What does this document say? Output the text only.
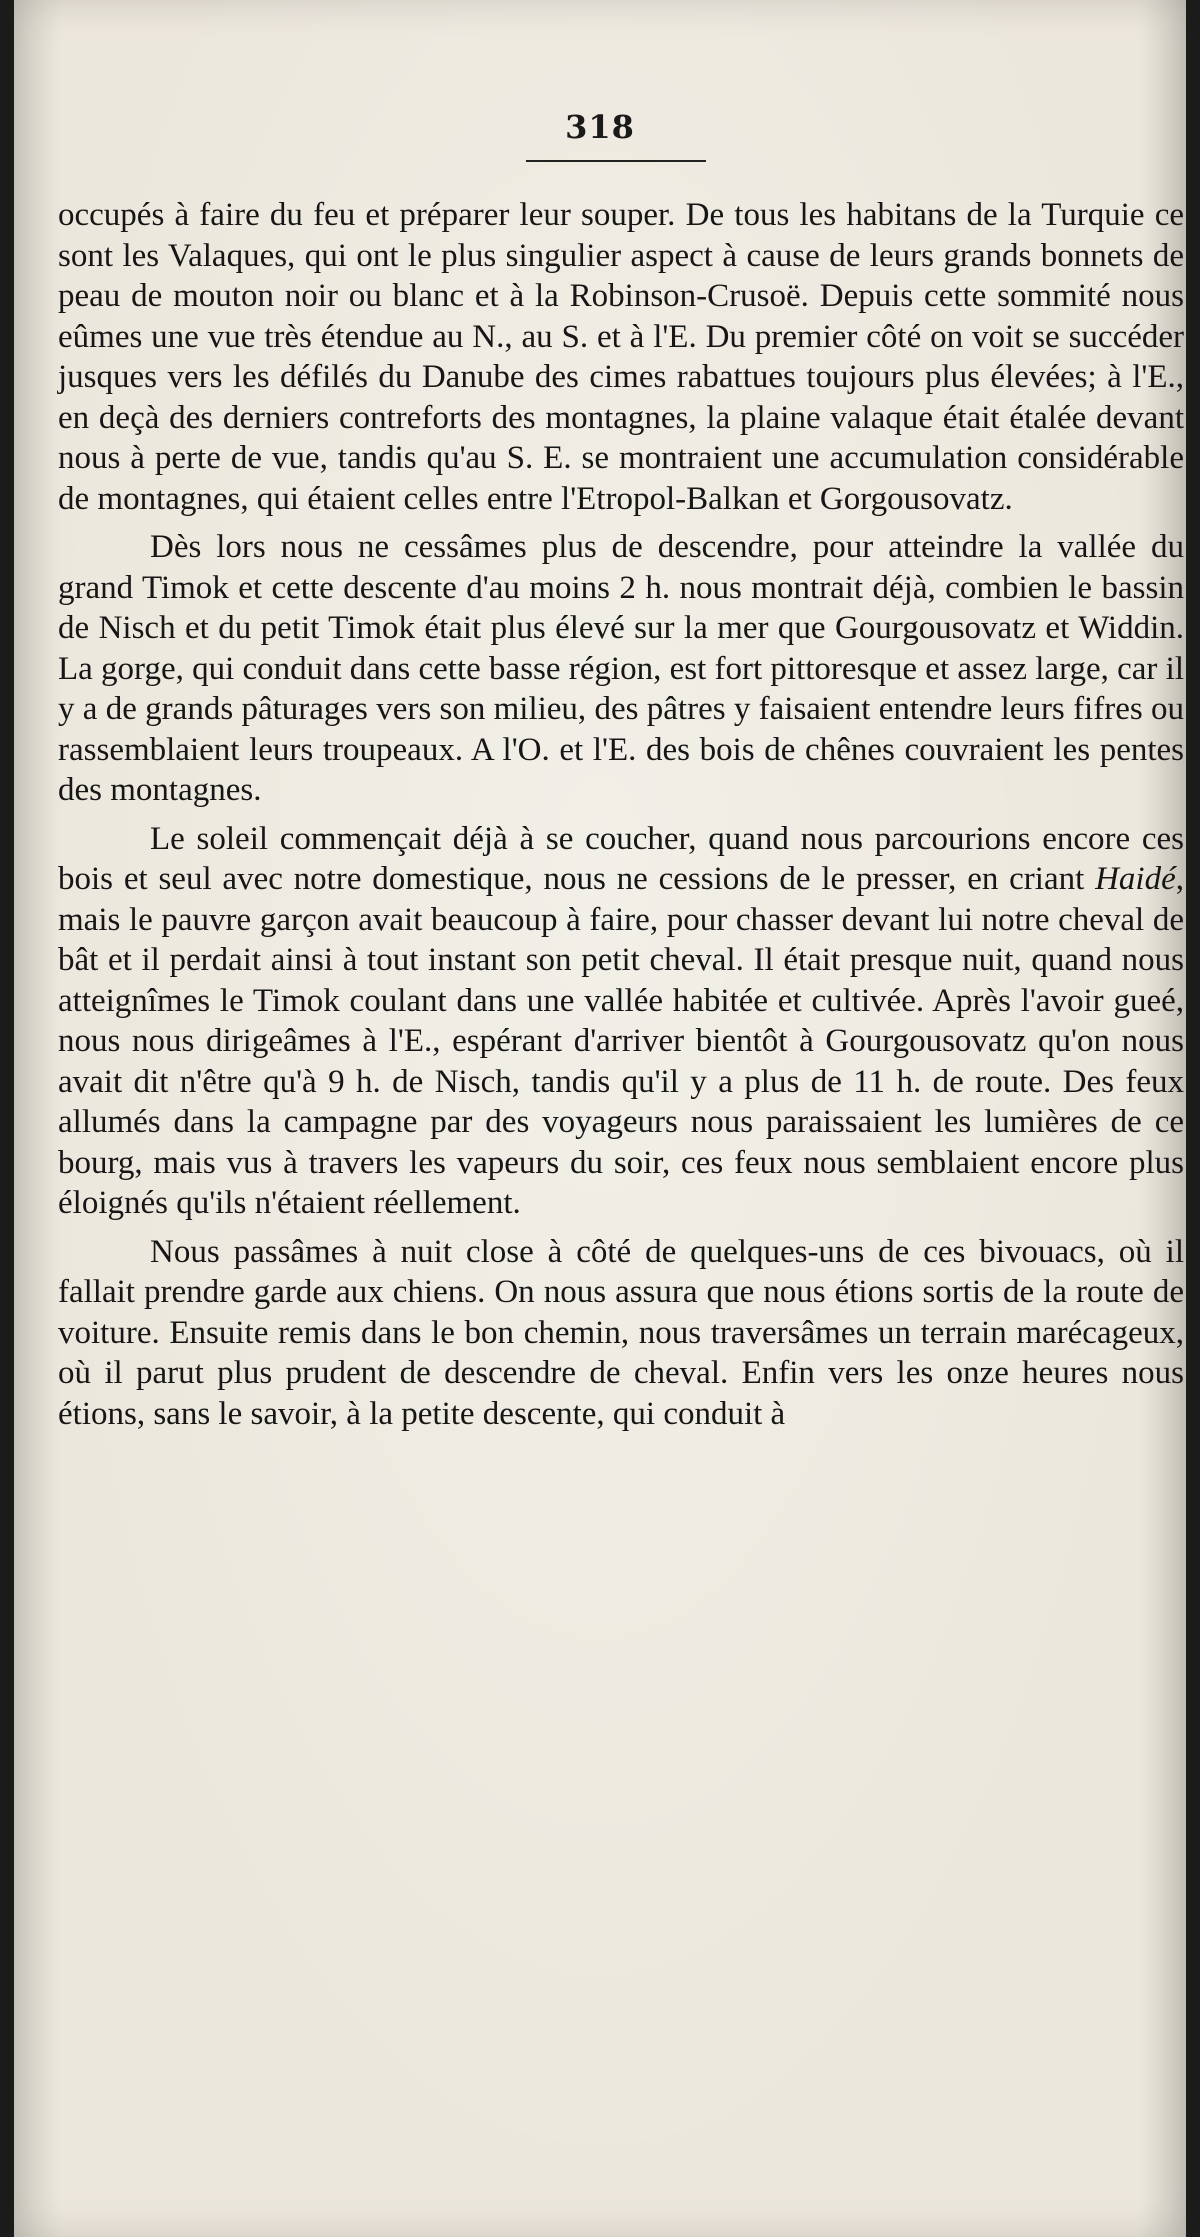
318

occupés à faire du feu et préparer leur souper. De tous les habitans de la Turquie ce sont les Valaques, qui ont le plus singulier aspect à cause de leurs grands bonnets de peau de mouton noir ou blanc et à la Robinson-Crusoë. Depuis cette sommité nous eûmes une vue très étendue au N., au S. et à l'E. Du premier côté on voit se succéder jusques vers les défilés du Danube des cimes rabattues toujours plus élevées; à l'E., en deçà des derniers contreforts des montagnes, la plaine valaque était étalée devant nous à perte de vue, tandis qu'au S. E. se montraient une accumulation considérable de montagnes, qui étaient celles entre l'Etropol-Balkan et Gorgousovatz.

Dès lors nous ne cessâmes plus de descendre, pour atteindre la vallée du grand Timok et cette descente d'au moins 2 h. nous montrait déjà, combien le bassin de Nisch et du petit Timok était plus élevé sur la mer que Gourgousovatz et Widdin. La gorge, qui conduit dans cette basse région, est fort pittoresque et assez large, car il y a de grands pâturages vers son milieu, des pâtres y faisaient entendre leurs fifres ou rassemblaient leurs troupeaux. A l'O. et l'E. des bois de chênes couvraient les pentes des montagnes.

Le soleil commençait déjà à se coucher, quand nous parcourions encore ces bois et seul avec notre domestique, nous ne cessions de le presser, en criant Haidé, mais le pauvre garçon avait beaucoup à faire, pour chasser devant lui notre cheval de bât et il perdait ainsi à tout instant son petit cheval. Il était presque nuit, quand nous atteignîmes le Timok coulant dans une vallée habitée et cultivée. Après l'avoir gueé, nous nous dirigeâmes à l'E., espérant d'arriver bientôt à Gourgousovatz qu'on nous avait dit n'être qu'à 9 h. de Nisch, tandis qu'il y a plus de 11 h. de route. Des feux allumés dans la campagne par des voyageurs nous paraissaient les lumières de ce bourg, mais vus à travers les vapeurs du soir, ces feux nous semblaient encore plus éloignés qu'ils n'étaient réellement.

Nous passâmes à nuit close à côté de quelques-uns de ces bivouacs, où il fallait prendre garde aux chiens. On nous assura que nous étions sortis de la route de voiture. Ensuite remis dans le bon chemin, nous traversâmes un terrain marécageux, où il parut plus prudent de descendre de cheval. Enfin vers les onze heures nous étions, sans le savoir, à la petite descente, qui conduit à
